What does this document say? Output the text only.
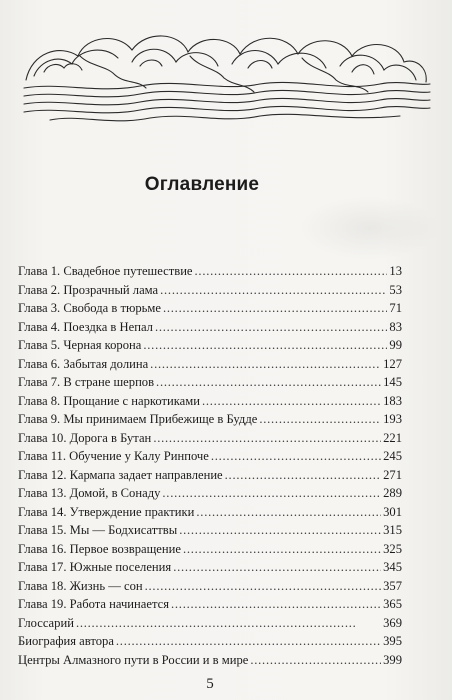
Оглавление
Глава 1. Свадебное путешествие . . .	13
Глава 2. Прозрачный лама . . .	53
Глава 3. Свобода в тюрьме . . .	71
Глава 4. Поездка в Непал . . .	83
Глава 5. Черная корона . . .	99
Глава 6. Забытая долина . . .	127
Глава 7. В стране шерпов . . .	145
Глава 8. Прощание с наркотиками . . .	183
Глава 9. Мы принимаем Прибежище в Будде . . .	193
Глава 10. Дорога в Бутан . . .	221
Глава 11. Обучение у Калу Ринпоче . . .	245
Глава 12. Кармапа задает направление . . .	271
Глава 13. Домой, в Сонаду . . .	289
Глава 14. Утверждение практики . . .	301
Глава 15. Мы — Бодхисаттвы . . .	315
Глава 16. Первое возвращение . . .	325
Глава 17. Южные поселения . . .	345
Глава 18. Жизнь — сон . . .	357
Глава 19. Работа начинается . . .	365
Глоссарий . . .	369
Биография автора . . .	395
Центры Алмазного пути в России и в мире . . .	399
5
